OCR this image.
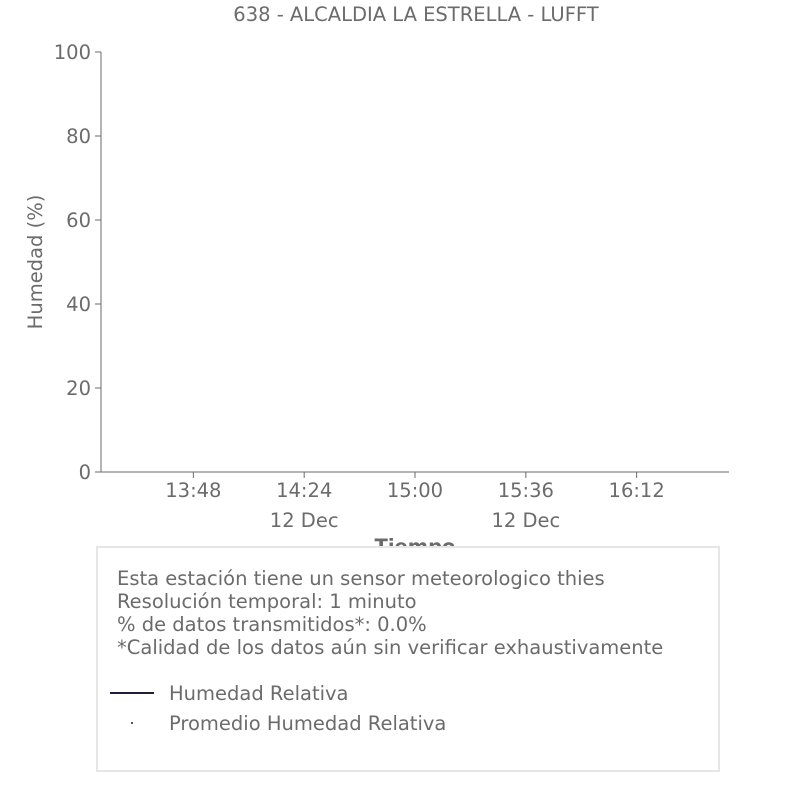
638 - ALCALDIA LA ESTRELLA - LUFFT
Humedad (%)
0
20
40
60
80
100
13:48	14:24
12 Dec
15:00	15:36
12 Dec
16:12
Esta estación tiene un sensor meteorologico thies
Resolución temporal: 1 minuto
% de datos transmitidos*: 0.0%
*Calidad de los datos aún sin verificar exhaustivamente
Humedad Relativa
Promedio Humedad Relativa
